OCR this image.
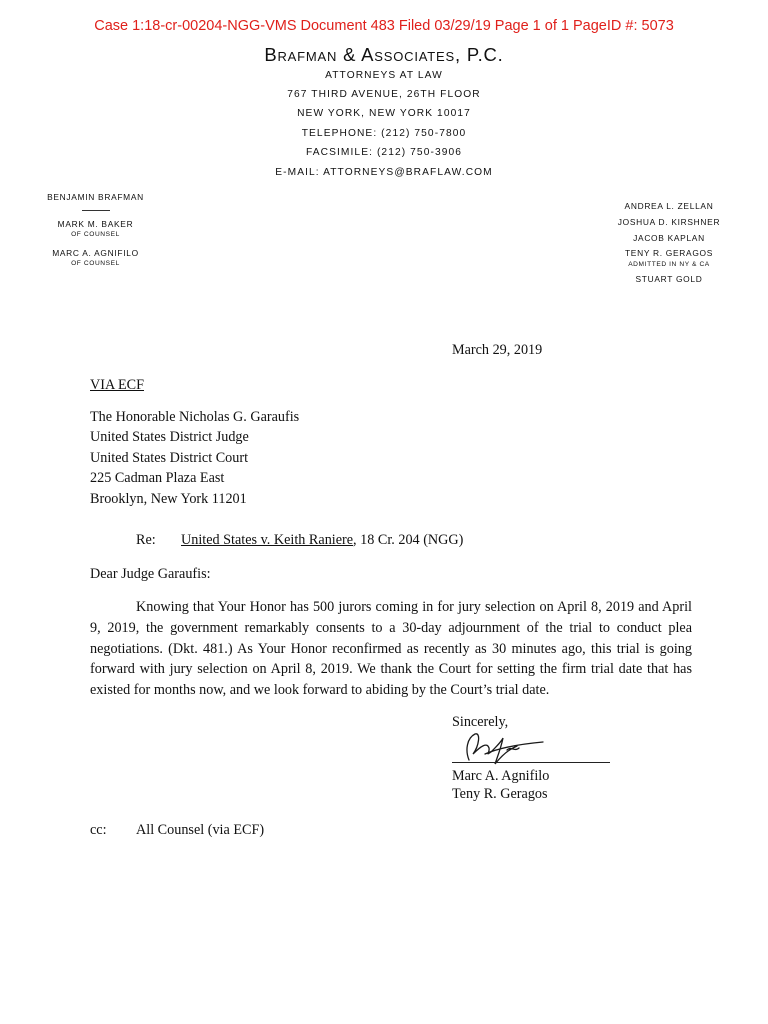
Case 1:18-cr-00204-NGG-VMS Document 483 Filed 03/29/19 Page 1 of 1 PageID #: 5073
Brafman & Associates, P.C.
ATTORNEYS AT LAW
767 THIRD AVENUE, 26TH FLOOR
NEW YORK, NEW YORK 10017
TELEPHONE: (212) 750-7800
FACSIMILE: (212) 750-3906
E-MAIL: ATTORNEYS@BRAFLAW.COM
BENJAMIN BRAFMAN
MARK M. BAKER
OF COUNSEL
MARC A. AGNIFILO
OF COUNSEL
ANDREA L. ZELLAN
JOSHUA D. KIRSHNER
JACOB KAPLAN
TENY R. GERAGOS
ADMITTED IN NY & CA
STUART GOLD
March 29, 2019
VIA ECF
The Honorable Nicholas G. Garaufis
United States District Judge
United States District Court
225 Cadman Plaza East
Brooklyn, New York 11201
Re: United States v. Keith Raniere, 18 Cr. 204 (NGG)
Dear Judge Garaufis:

Knowing that Your Honor has 500 jurors coming in for jury selection on April 8, 2019 and April 9, 2019, the government remarkably consents to a 30-day adjournment of the trial to conduct plea negotiations. (Dkt. 481.) As Your Honor reconfirmed as recently as 30 minutes ago, this trial is going forward with jury selection on April 8, 2019. We thank the Court for setting the firm trial date that has existed for months now, and we look forward to abiding by the Court’s trial date.

Sincerely,
Marc A. Agnifilo
Teny R. Geragos
cc: All Counsel (via ECF)
